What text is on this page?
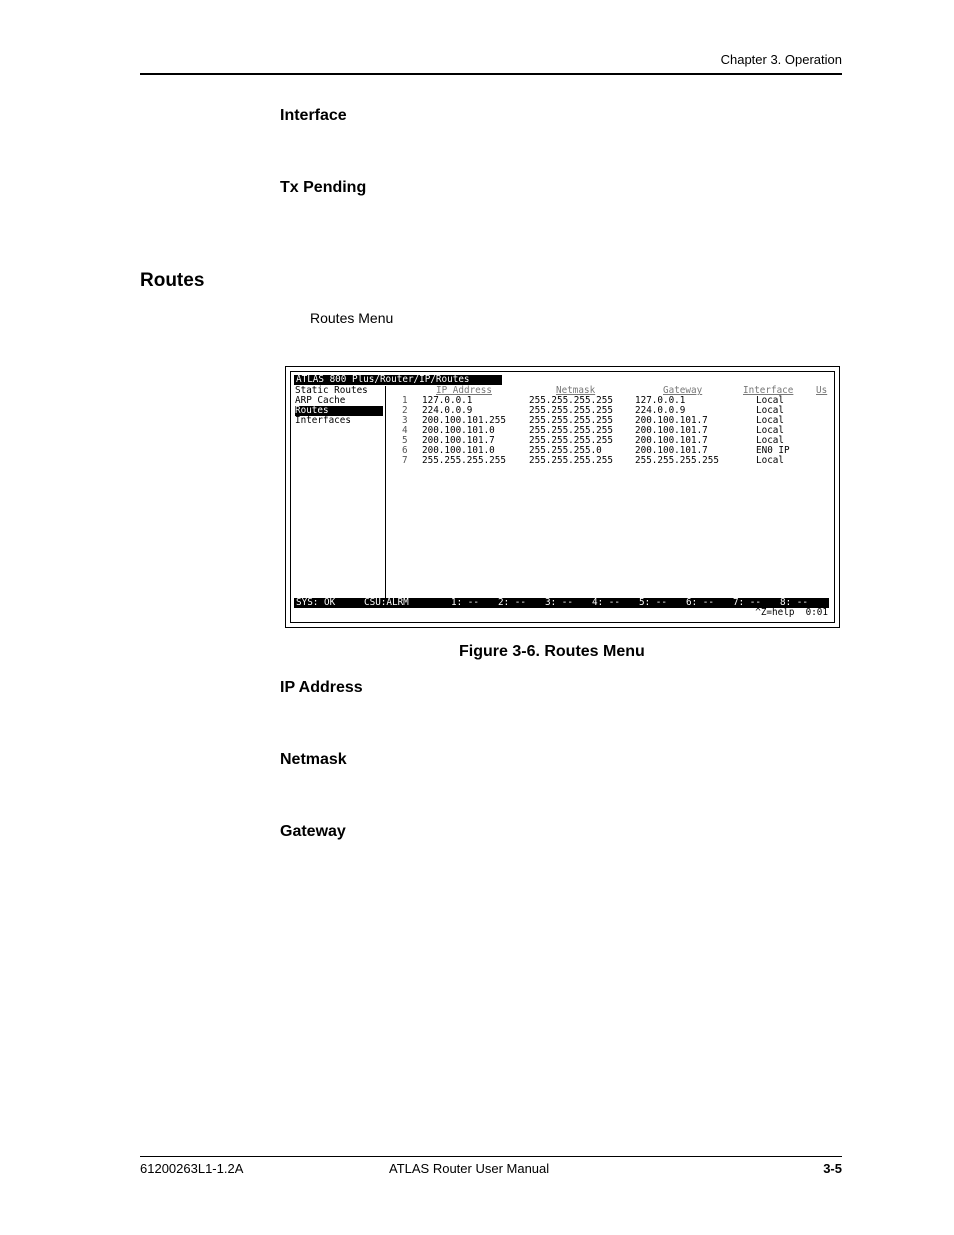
Chapter 3. Operation
Interface
Tx Pending
Routes
Routes Menu

ATLAS 800 Plus/Router/IP/Routes

Static Routes
ARP Cache
Routes
Interfaces

IP Address	Netmask	Gateway	Interface Us

1 127.0.0.1	255.255.255.255 127.0.0.1	Local
2 224.0.0.9	255.255.255.255 224.0.0.9	Local
3 200.100.101.255 255.255.255.255 200.100.101.7	Local
4 200.100.101.0	255.255.255.255 200.100.101.7	Local
5 200.100.101.7	255.255.255.255 200.100.101.7	Local
6 200.100.101.0	255.255.255.0	200.100.101.7	EN0 IP
7 255.255.255.255 255.255.255.255 255.255.255.255	Local

SYS: OK

	CSU:ALRM

	1: -- 2: -- 3: -- 4: -- 5: -- 6: -- 7: -- 8: --

^Z=help  0:01

Figure 3-6. Routes Menu
IP Address
Netmask
Gateway
61200263L1-1.2A	ATLAS Router User Manual	3-5
